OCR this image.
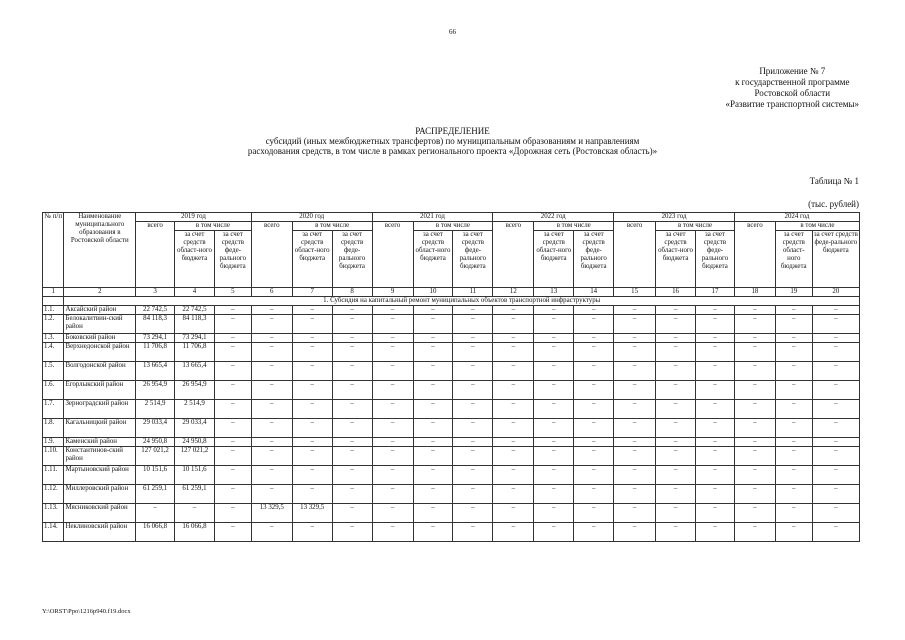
66
Приложение № 7
к государственной программе
Ростовской области
«Развитие транспортной системы»
РАСПРЕДЕЛЕНИЕ
субсидий (иных межбюджетных трансфертов) по муниципальным образованиям и направлениям
расходования средств, в том числе в рамках регионального проекта «Дорожная сеть (Ростовская область)»
Таблица № 1
(тыс. рублей)
№ п/п	Наименование муниципального образования в Ростовской области	2019 год			2020 год			2021 год			2022 год			2023 год			2024 год		
		всего	в том числе		всего	в том числе		всего	в том числе		всего	в том числе		всего	в том числе		всего	в том числе	
			за счет средств област-ного бюджета	за счет средств феде-рального бюджета		за счет средств област-ного бюджета	за счет средств феде-рального бюджета		за счет средств област-ного бюджета	за счет средств феде-рального бюджета		за счет средств област-ного бюджета	за счет средств феде-рального бюджета		за счет средств област-ного бюджета	за счет средств феде-рального бюджета		за счет средств област-ного бюджета	за счет средств феде-рального бюджета
1	2	3	4	5	6	7	8	9	10	11	12	13	14	15	16	17	18	19	20
	1. Субсидия на капитальный ремонт муниципальных объектов транспортной инфраструктуры																		
1.1.	Аксайский район	22 742,5	22 742,5	–	–	–	–	–	–	–	–	–	–	–	–	–	–	–	–
1.2.	Белокалитвин-ский район	84 118,3	84 118,3	–	–	–	–	–	–	–	–	–	–	–	–	–	–	–	–
1.3.	Боковский район	73 294,1	73 294,1	–	–	–	–	–	–	–	–	–	–	–	–	–	–	–	–
1.4.	Верхнедонской район	11 706,8	11 706,8	–	–	–	–	–	–	–	–	–	–	–	–	–	–	–	–
1.5.	Волгодонской район	13 665,4	13 665,4	–	–	–	–	–	–	–	–	–	–	–	–	–	–	–	–
1.6.	Егорлыкский район	26 954,9	26 954,9	–	–	–	–	–	–	–	–	–	–	–	–	–	–	–	–
1.7.	Зерноградский район	2 514,9	2 514,9	–	–	–	–	–	–	–	–	–	–	–	–	–	–	–	–
1.8.	Кагальницкий район	29 033,4	29 033,4	–	–	–	–	–	–	–	–	–	–	–	–	–	–	–	–
1.9.	Каменский район	24 950,8	24 950,8	–	–	–	–	–	–	–	–	–	–	–	–	–	–	–	–
1.10.	Константинов-ский район	127 021,2	127 021,2	–	–	–	–	–	–	–	–	–	–	–	–	–	–	–	–
1.11.	Мартыновский район	10 151,6	10 151,6	–	–	–	–	–	–	–	–	–	–	–	–	–	–	–	–
1.12.	Миллеровский район	61 259,1	61 259,1	–	–	–	–	–	–	–	–	–	–	–	–	–	–	–	–
1.13.	Мясниковский район	–	–	–	13 329,5	13 329,5	–	–	–	–	–	–	–	–	–	–	–	–	–
1.14.	Неклиновский район	16 066,8	16 066,8	–	–	–	–	–	–	–	–	–	–	–	–	–	–	–	–
Y:\ORST\Ppo\1216p940.f19.docx
